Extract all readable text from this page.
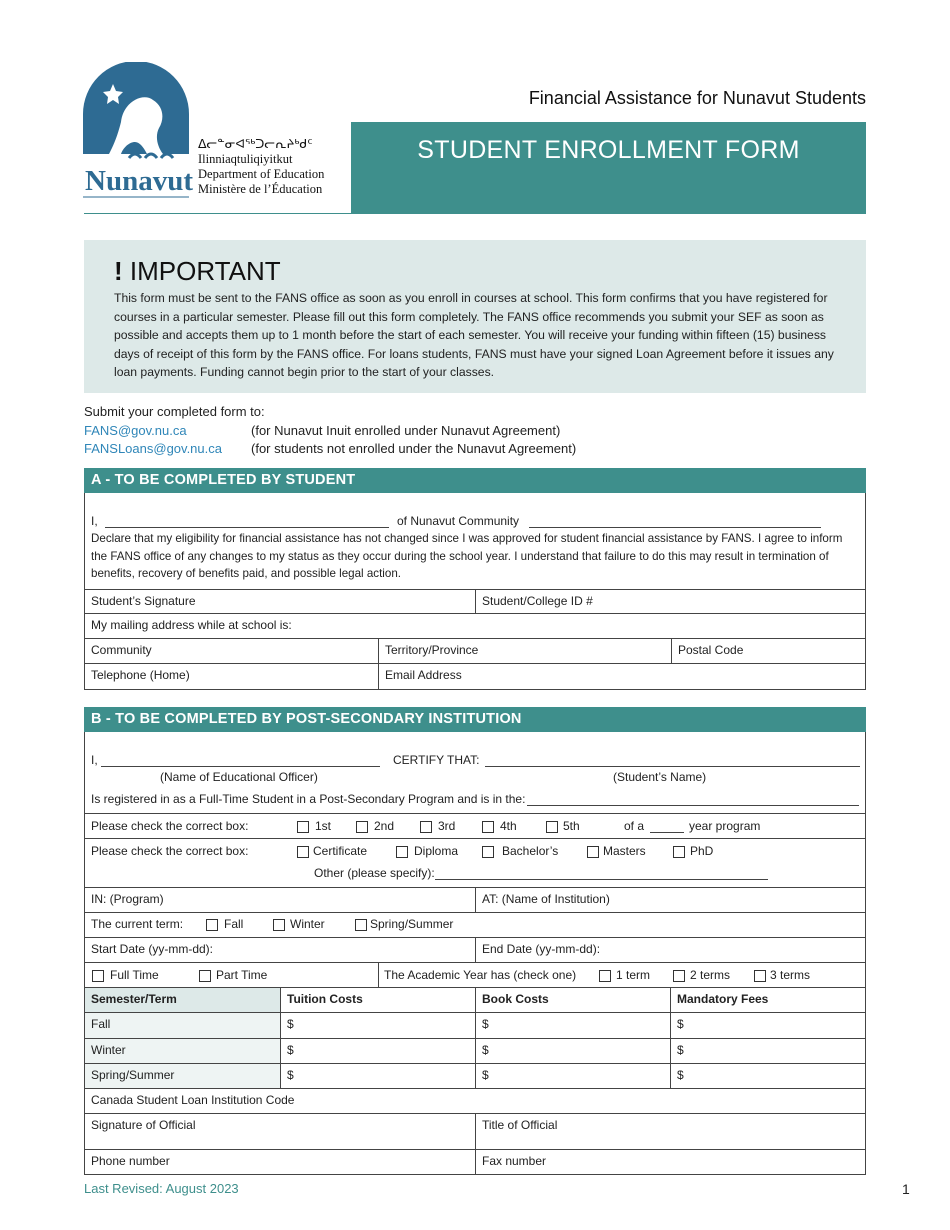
Nunavut
ᐃᓕᓐᓂᐊᖅᑐᓕᕆᔨᒃᑯᑦ
Ilinniaqtuliqiyitkut
Department of Education
Ministère de l’Éducation
Financial Assistance for Nunavut Students
STUDENT ENROLLMENT FORM
! IMPORTANT
This form must be sent to the FANS office as soon as you enroll in courses at school. This form confirms that you have registered for courses in a particular semester. Please fill out this form completely. The FANS office recommends you submit your SEF as soon as possible and accepts them up to 1 month before the start of each semester. You will receive your funding within fifteen (15) business days of receipt of this form by the FANS office. For loans students, FANS must have your signed Loan Agreement before it issues any loan payments. Funding cannot begin prior to the start of your classes.
Submit your completed form to:
FANS@gov.nu.ca	(for Nunavut Inuit enrolled under Nunavut Agreement)
FANSLoans@gov.nu.ca	(for students not enrolled under the Nunavut Agreement)
A - TO BE COMPLETED BY STUDENT
I,	of Nunavut Community
Declare that my eligibility for financial assistance has not changed since I was approved for student financial assistance by FANS. I agree to inform the FANS office of any changes to my status as they occur during the school year. I understand that failure to do this may result in termination of benefits, recovery of benefits paid, and possible legal action.
Student’s Signature	Student/College ID #
My mailing address while at school is:
Community	Territory/Province	Postal Code
Telephone (Home)	Email Address
B - TO BE COMPLETED BY POST-SECONDARY INSTITUTION
I,	CERTIFY THAT:
(Name of Educational Officer)	(Student’s Name)
Is registered in as a Full-Time Student in a Post-Secondary Program and is in the:
Please check the correct box:	1st	2nd	3rd	4th	5th	of a	year program
Please check the correct box:	Certificate	Diploma	Bachelor’s	Masters	PhD
Other (please specify):
IN: (Program)	AT: (Name of Institution)
The current term:	Fall	Winter	Spring/Summer
Start Date (yy-mm-dd):	End Date (yy-mm-dd):
Full Time	Part Time	The Academic Year has (check one)	1 term	2 terms	3 terms
Semester/Term	Tuition Costs	Book Costs	Mandatory Fees
Fall	$	$	$
Winter	$	$	$
Spring/Summer	$	$	$
Canada Student Loan Institution Code
Signature of Official	Title of Official
Phone number	Fax number
Last Revised: August 2023	1
